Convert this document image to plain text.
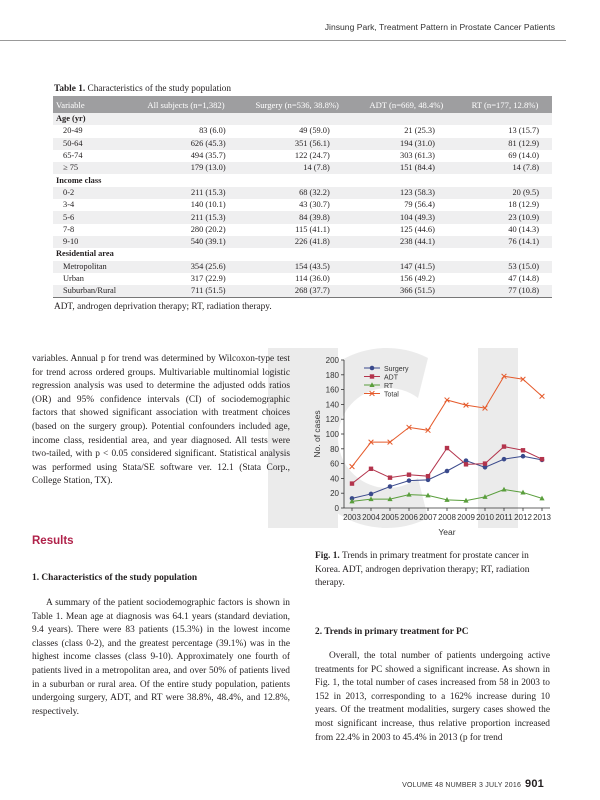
Jinsung Park, Treatment Pattern in Prostate Cancer Patients
Table 1. Characteristics of the study population
Variable	All subjects (n=1,382)	Surgery (n=536, 38.8%)	ADT (n=669, 48.4%)	RT (n=177, 12.8%)
Age (yr)				
20-49	83 (6.0)	49 (59.0)	21 (25.3)	13 (15.7)
50-64	626 (45.3)	351 (56.1)	194 (31.0)	81 (12.9)
65-74	494 (35.7)	122 (24.7)	303 (61.3)	69 (14.0)
≥ 75	179 (13.0)	14 (7.8)	151 (84.4)	14 (7.8)
Income class				
0-2	211 (15.3)	68 (32.2)	123 (58.3)	20 (9.5)
3-4	140 (10.1)	43 (30.7)	79 (56.4)	18 (12.9)
5-6	211 (15.3)	84 (39.8)	104 (49.3)	23 (10.9)
7-8	280 (20.2)	115 (41.1)	125 (44.6)	40 (14.3)
9-10	540 (39.1)	226 (41.8)	238 (44.1)	76 (14.1)
Residential area				
Metropolitan	354 (25.6)	154 (43.5)	147 (41.5)	53 (15.0)
Urban	317 (22.9)	114 (36.0)	156 (49.2)	47 (14.8)
Suburban/Rural	711 (51.5)	268 (37.7)	366 (51.5)	77 (10.8)
ADT, androgen deprivation therapy; RT, radiation therapy.
variables. Annual p for trend was determined by Wilcoxon-type test for trend across ordered groups. Multivariable multinomial logistic regression analysis was used to determine the adjusted odds ratios (OR) and 95% confidence intervals (CI) of sociodemographic factors that showed significant association with treatment choices (based on the surgery group). Potential confounders included age, income class, residential area, and year diagnosed. All tests were two-tailed, with p < 0.05 considered significant. Statistical analysis was performed using Stata/SE software ver. 12.1 (Stata Corp., College Station, TX).
Results
1. Characteristics of the study population
A summary of the patient sociodemographic factors is shown in Table 1. Mean age at diagnosis was 64.1 years (standard deviation, 9.4 years). There were 83 patients (15.3%) in the lowest income classes (class 0-2), and the greatest percentage (39.1%) was in the highest income classes (class 9-10). Approximately one fourth of patients lived in a metropolitan area, and over 50% of patients lived in a suburban or rural area. Of the entire study population, patients undergoing surgery, ADT, and RT were 38.8%, 48.4%, and 12.8%, respectively.
0
20
40
60
80
100
120
140
160
180
200
2003 2004 2005 2006 2007 2008 2009 2010 2011 2012 2013
Year
No. of cases
Surgery
ADT
RT
Total
Fig. 1. Trends in primary treatment for prostate cancer in Korea. ADT, androgen deprivation therapy; RT, radiation therapy.
2. Trends in primary treatment for PC
Overall, the total number of patients undergoing active treatments for PC showed a significant increase. As shown in Fig. 1, the total number of cases increased from 58 in 2003 to 152 in 2013, corresponding to a 162% increase during 10 years. Of the treatment modalities, surgery cases showed the most significant increase, thus relative proportion increased from 22.4% in 2003 to 45.4% in 2013 (p for trend
VOLUME 48 NUMBER 3 JULY 2016 901
